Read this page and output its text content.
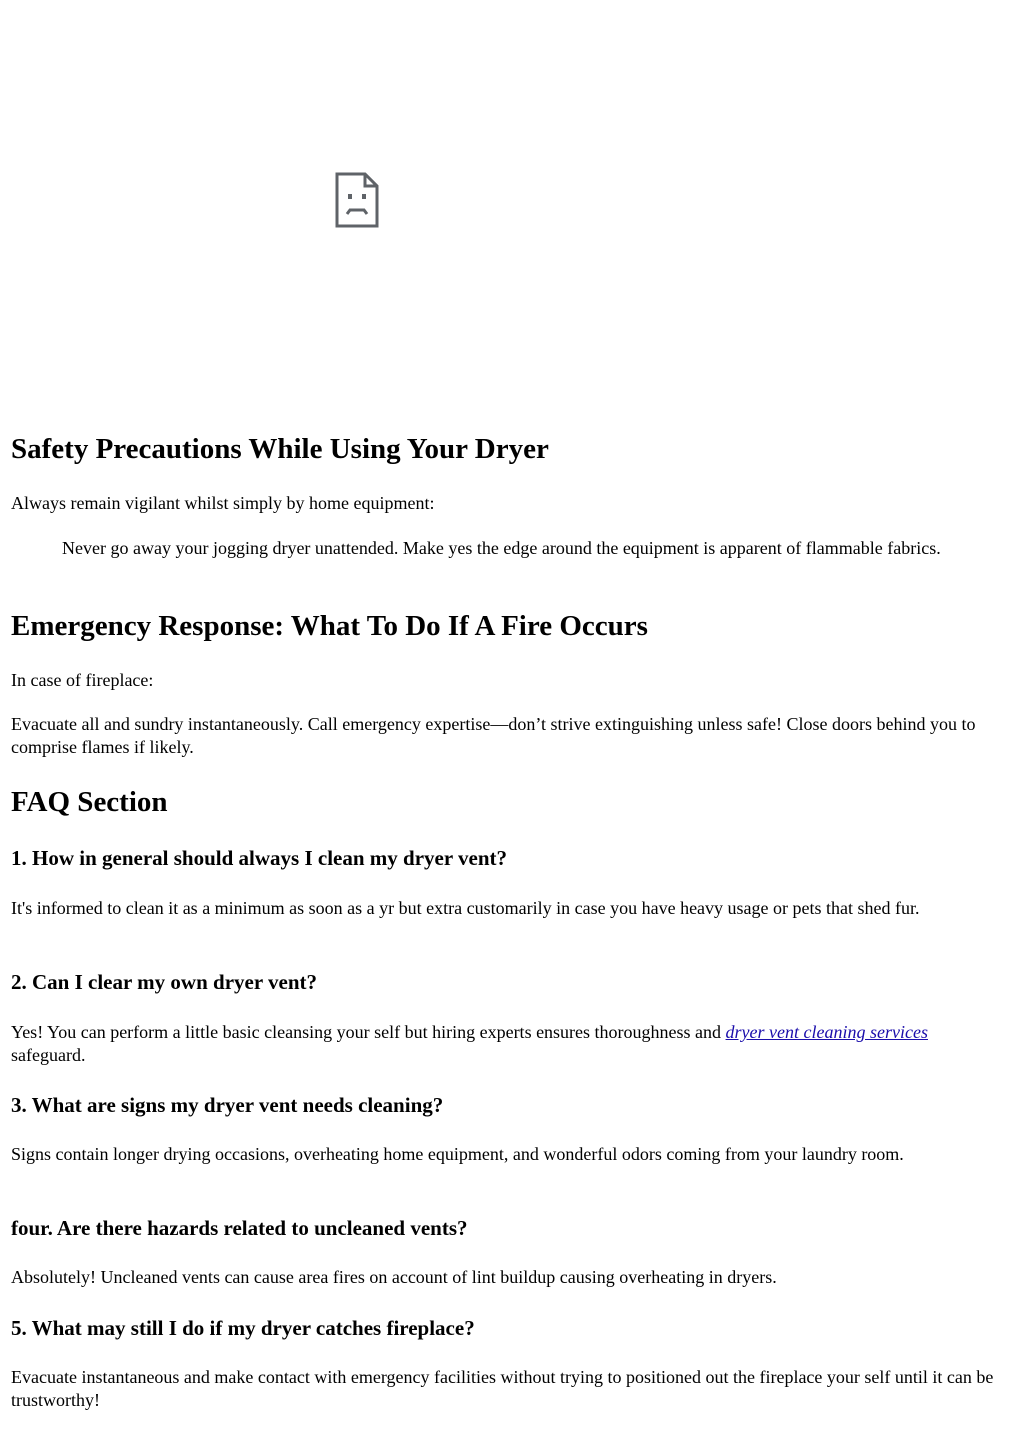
Safety Precautions While Using Your Dryer

Always remain vigilant whilst simply by home equipment:

Never go away your jogging dryer unattended. Make yes the edge around the equipment is apparent of flammable fabrics.
Emergency Response: What To Do If A Fire Occurs

In case of fireplace:

Evacuate all and sundry instantaneously. Call emergency expertise—don’t strive extinguishing unless safe! Close doors behind you to comprise flames if likely.

FAQ Section
1. How in general should always I clean my dryer vent?

It's informed to clean it as a minimum as soon as a yr but extra customarily in case you have heavy usage or pets that shed fur.

2. Can I clear my own dryer vent?

Yes! You can perform a little basic cleansing your self but hiring experts ensures thoroughness and dryer vent cleaning services safeguard.

3. What are signs my dryer vent needs cleaning?

Signs contain longer drying occasions, overheating home equipment, and wonderful odors coming from your laundry room.

four. Are there hazards related to uncleaned vents?

Absolutely! Uncleaned vents can cause area fires on account of lint buildup causing overheating in dryers.

5. What may still I do if my dryer catches fireplace?

Evacuate instantaneous and make contact with emergency facilities without trying to positioned out the fireplace your self until it can be trustworthy!
